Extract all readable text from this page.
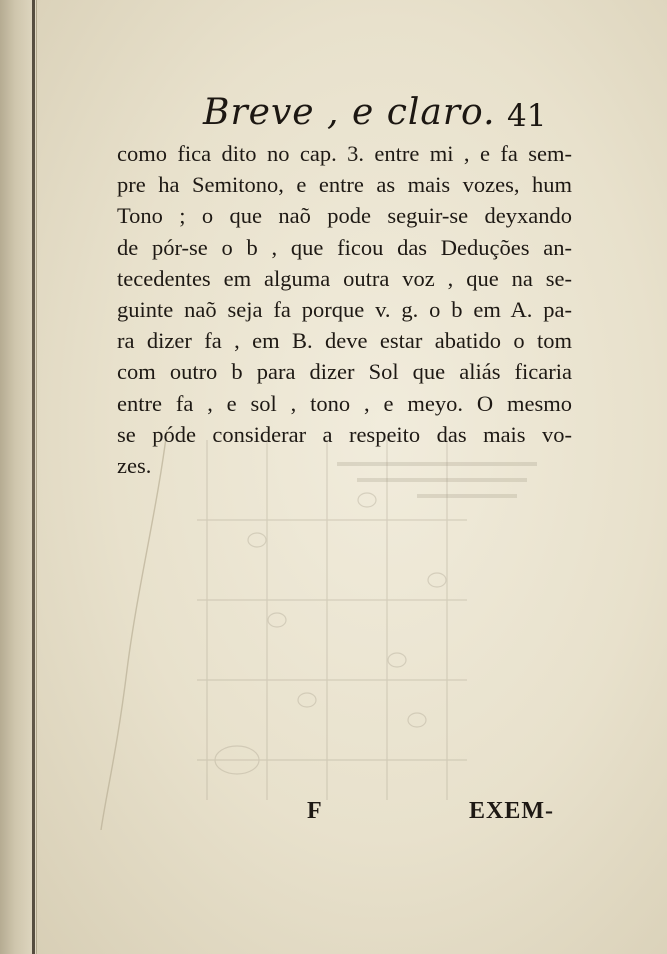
Breve , e claro. 41
como fica dito no cap. 3. entre mi , e fa sem-
pre ha Semitono, e entre as mais vozes, hum
Tono ; o que naõ pode seguir-se deyxando
de pór-se o b , que ficou das Deduções an-
tecedentes em alguma outra voz , que na se-
guinte naõ seja fa porque v. g. o b em A. pa-
ra dizer fa , em B. deve estar abatido o tom
com outro b para dizer Sol que aliás ficaria
entre fa , e sol , tono , e meyo. O mesmo
se póde considerar a respeito das mais vo-
zes.
F	EXEM-
